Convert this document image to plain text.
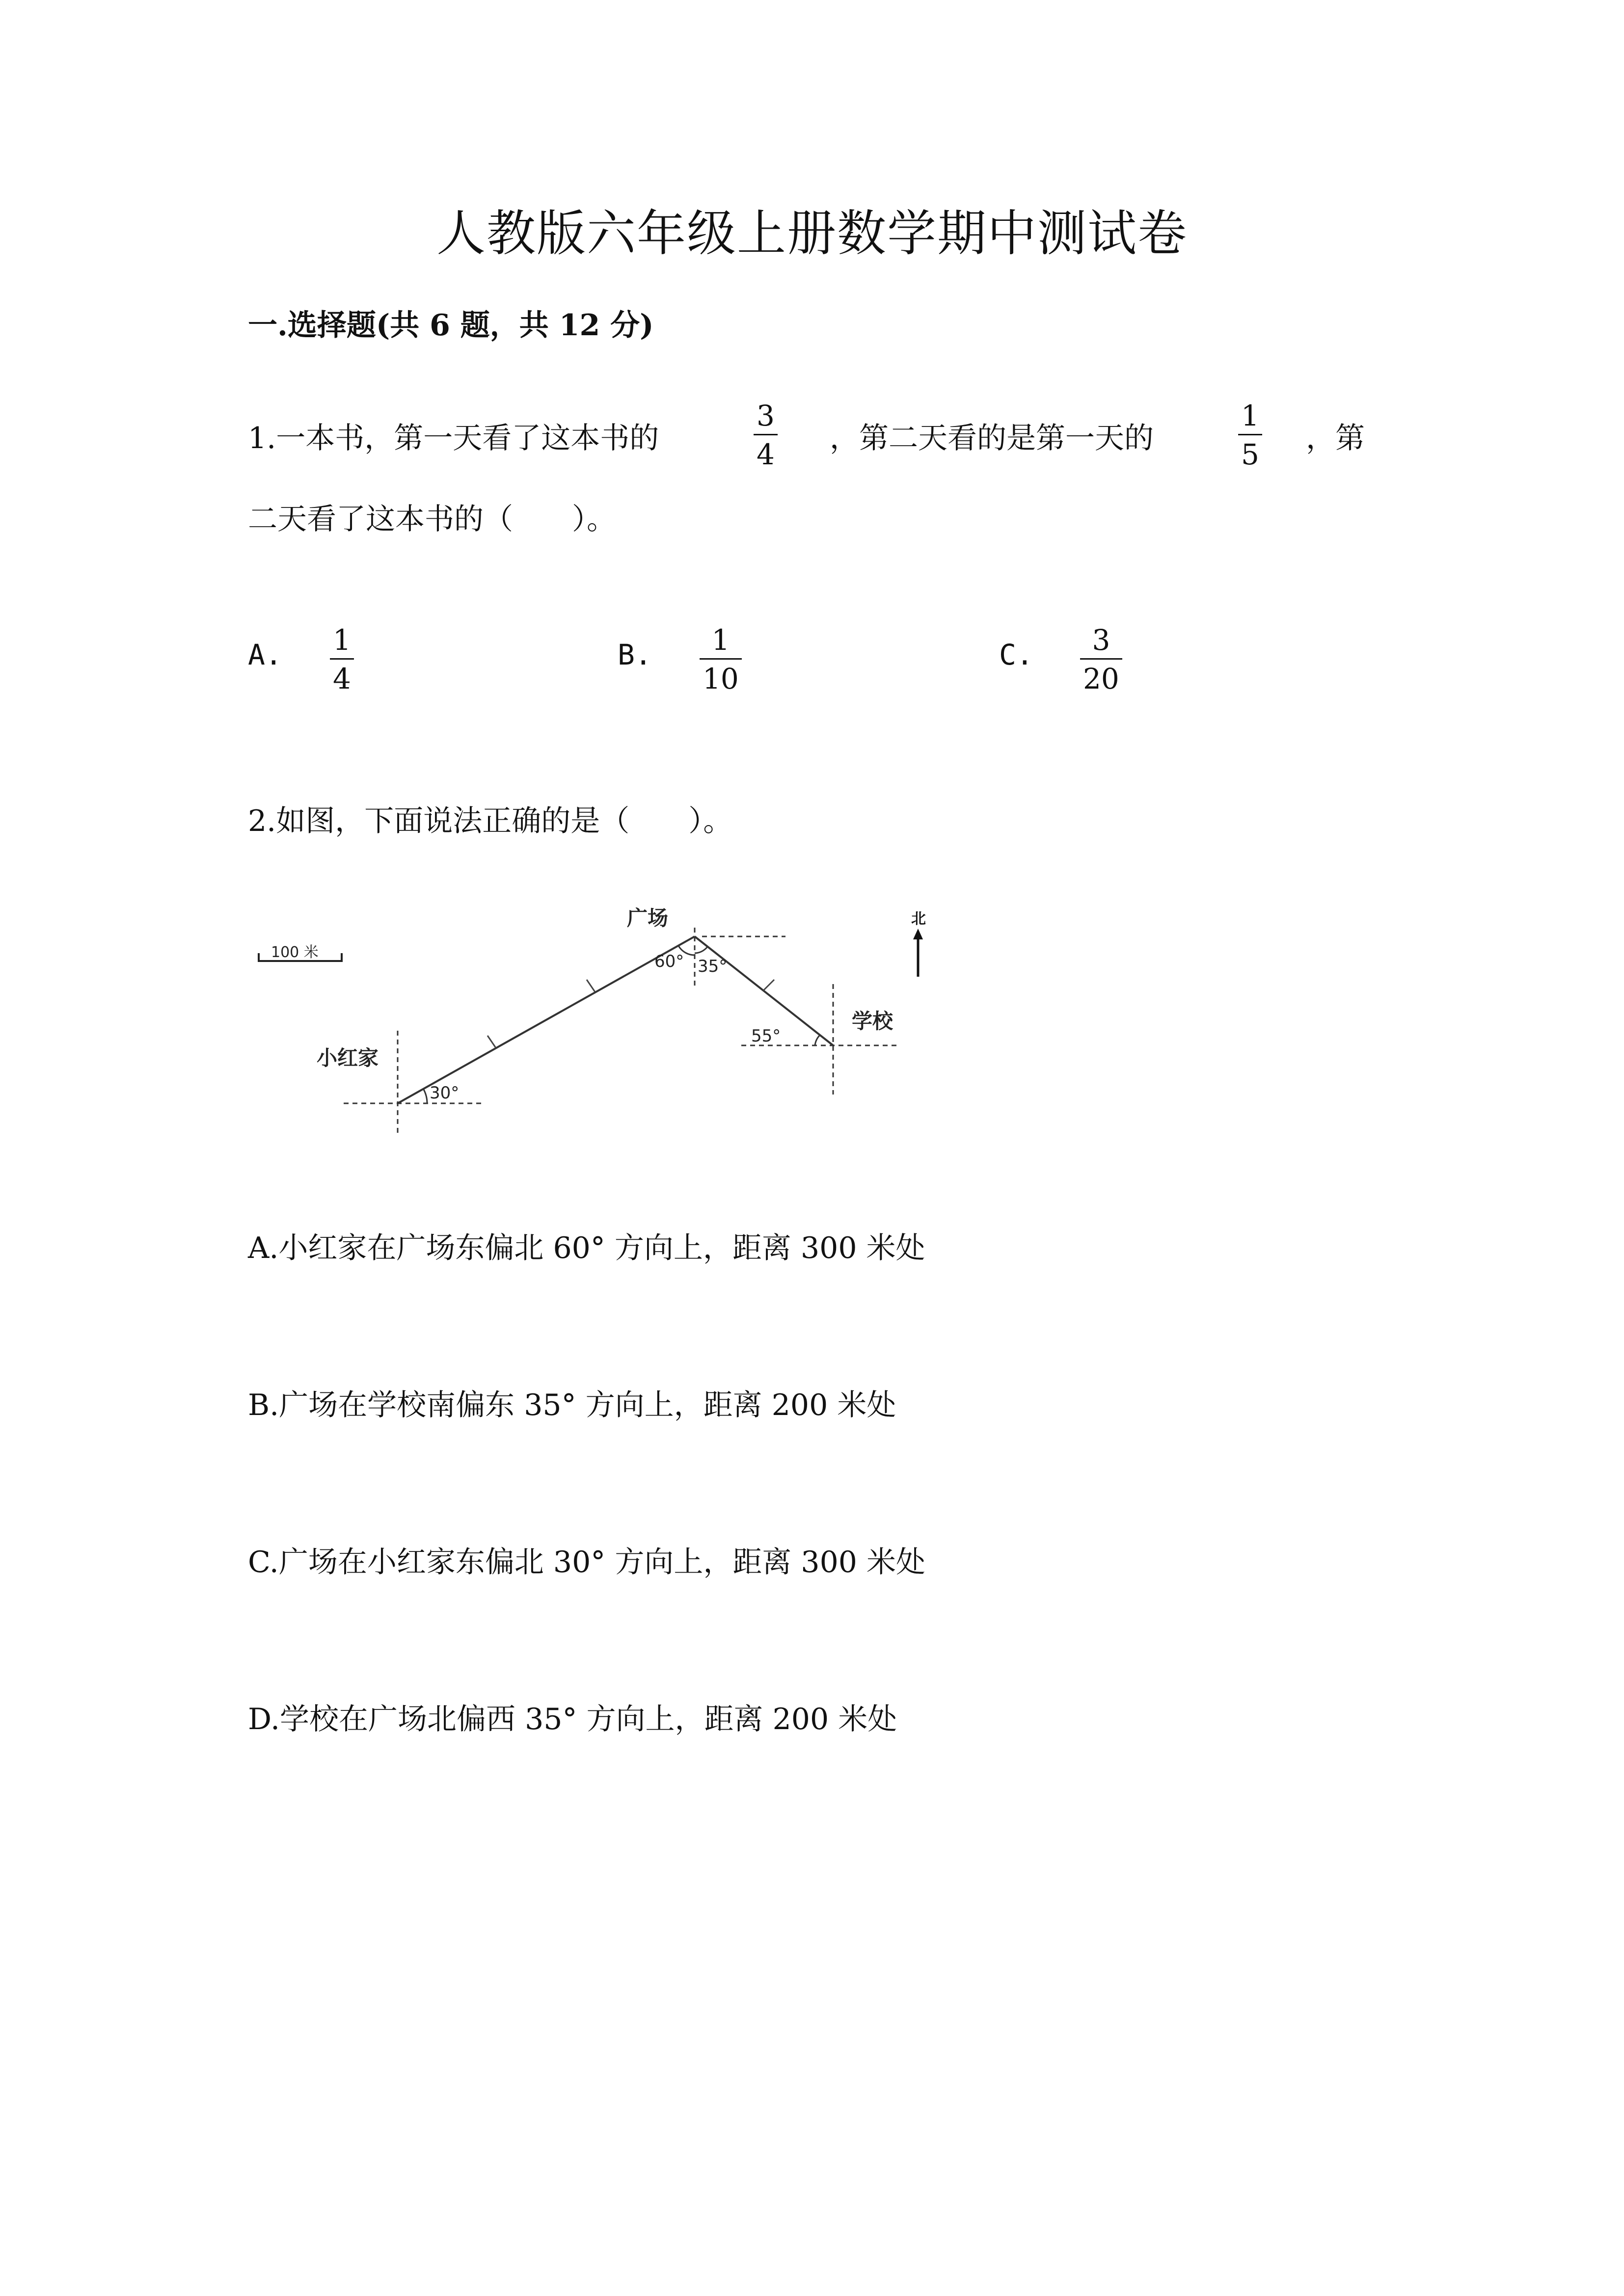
人教版六年级上册数学期中测试卷
一.选择题(共 6 题，共 12 分)
1.一本书，第一天看了这本书的
3
4 ，第二天看的是第一天的
1
5 ，第
二天看了这本书的（　　）。
A. 1
4
B. 1
10
C. 3
20
2.如图，下面说法正确的是（　　）。
100 米
北
小红家
广场
学校
30°
60° 35°
55°
A.小红家在广场东偏北 60° 方向上，距离 300 米处
B.广场在学校南偏东 35° 方向上，距离 200 米处
C.广场在小红家东偏北 30° 方向上，距离 300 米处
D.学校在广场北偏西 35° 方向上，距离 200 米处
